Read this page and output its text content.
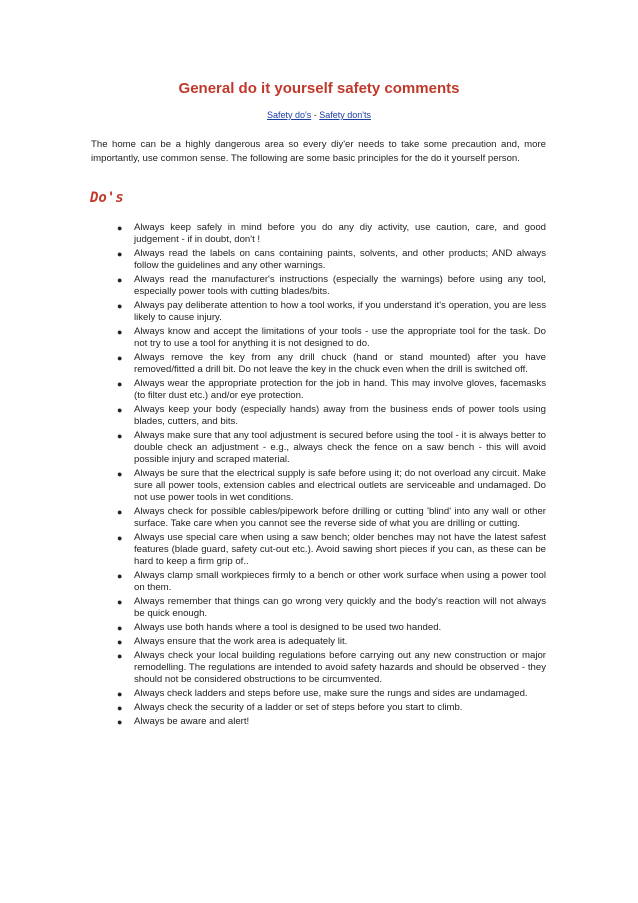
General do it yourself safety comments
Safety do's - Safety don'ts

The home can be a highly dangerous area so every diy'er needs to take some precaution and, more importantly, use common sense. The following are some basic principles for the do it yourself person.

Do's
● Always keep safely in mind before you do any diy activity, use caution, care, and good judgement - if in doubt, don't !
● Always read the labels on cans containing paints, solvents, and other products; AND always follow the guidelines and any other warnings.
● Always read the manufacturer's instructions (especially the warnings) before using any tool, especially power tools with cutting blades/bits.
● Always pay deliberate attention to how a tool works, if you understand it's operation, you are less likely to cause injury.
● Always know and accept the limitations of your tools - use the appropriate tool for the task. Do not try to use a tool for anything it is not designed to do.
● Always remove the key from any drill chuck (hand or stand mounted) after you have removed/fitted a drill bit. Do not leave the key in the chuck even when the drill is switched off.
● Always wear the appropriate protection for the job in hand. This may involve gloves, facemasks (to filter dust etc.) and/or eye protection.
● Always keep your body (especially hands) away from the business ends of power tools using blades, cutters, and bits.
● Always make sure that any tool adjustment is secured before using the tool - it is always better to double check an adjustment - e.g., always check the fence on a saw bench - this will avoid possible injury and scraped material.
● Always be sure that the electrical supply is safe before using it; do not overload any circuit. Make sure all power tools, extension cables and electrical outlets are serviceable and undamaged. Do not use power tools in wet conditions.
● Always check for possible cables/pipework before drilling or cutting 'blind' into any wall or other surface. Take care when you cannot see the reverse side of what you are drilling or cutting.
● Always use special care when using a saw bench; older benches may not have the latest safest features (blade guard, safety cut-out etc.). Avoid sawing short pieces if you can, as these can be hard to keep a firm grip of..
● Always clamp small workpieces firmly to a bench or other work surface when using a power tool on them.
● Always remember that things can go wrong very quickly and the body's reaction will not always be quick enough.
● Always use both hands where a tool is designed to be used two handed.
● Always ensure that the work area is adequately lit.
● Always check your local building regulations before carrying out any new construction or major remodelling. The regulations are intended to avoid safety hazards and should be observed - they should not be considered obstructions to be circumvented.
● Always check ladders and steps before use, make sure the rungs and sides are undamaged.
● Always check the security of a ladder or set of steps before you start to climb.
● Always be aware and alert!
